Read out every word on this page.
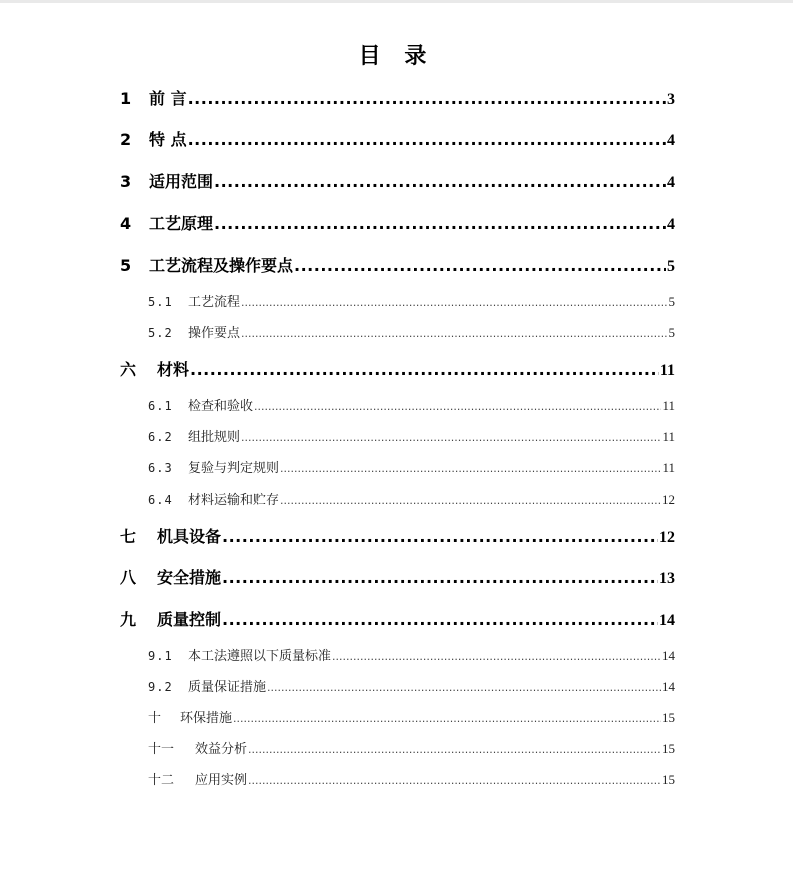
目 录
1	前 言 .....	3
2	特 点 .....	4
3	适用范围 .....	4
4	工艺原理 .....	4
5	工艺流程及操作要点 .....	5
5.1	工艺流程 .....	5
5.2	操作要点 .....	5
六	材料 .....	11
6.1	检查和验收 .....	11
6.2	组批规则 .....	11
6.3	复验与判定规则 .....	11
6.4	材料运输和贮存 .....	12
七	机具设备 .....	12
八	安全措施 .....	13
九	质量控制 .....	14
9.1	本工法遵照以下质量标准 .....	14
9.2	质量保证措施 .....	14
十	环保措施 .....	15
十一	效益分析 .....	15
十二	应用实例 .....	15
